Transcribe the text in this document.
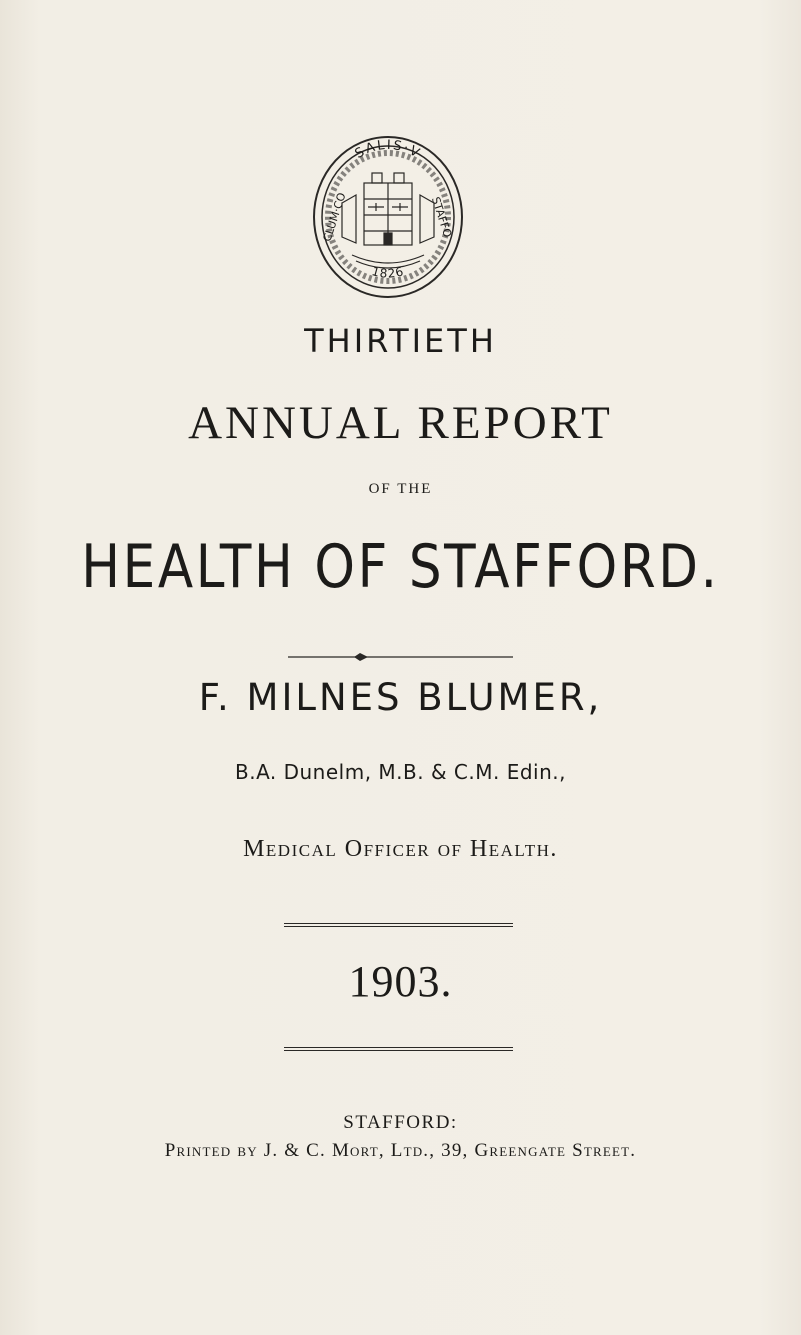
SALIS·V
CLUM·CO	STAFFO
1826
THIRTIETH
ANNUAL REPORT
OF THE
HEALTH OF STAFFORD.
F. MILNES BLUMER,
B.A. Dunelm, M.B. & C.M. Edin.,
Medical Officer of Health.
1903.
STAFFORD:
Printed by J. & C. Mort, Ltd., 39, Greengate Street.
